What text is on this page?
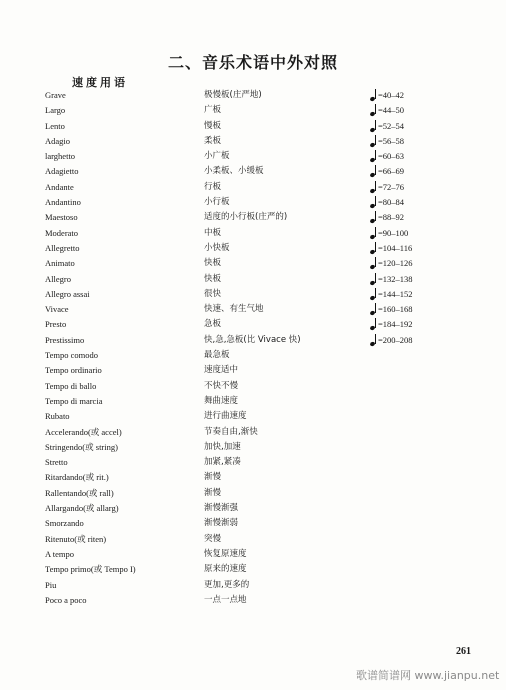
二、音乐术语中外对照
速度用语
Grave	极慢板(庄严地)	=40–42
Largo	广板	=44–50
Lento	慢板	=52–54
Adagio	柔板	=56–58
larghetto	小广板	=60–63
Adagietto	小柔板、小缓板	=66–69
Andante	行板	=72–76
Andantino	小行板	=80–84
Maestoso	适度的小行板(庄严的)	=88–92
Moderato	中板	=90–100
Allegretto	小快板	=104–116
Animato	快板	=120–126
Allegro	快板	=132–138
Allegro assai	很快	=144–152
Vivace	快速、有生气地	=160–168
Presto	急板	=184–192
Prestissimo	快,急,急板(比 Vivace 快)	=200–208
Tempo comodo	最急板
Tempo ordinario	速度适中
Tempo di ballo	不快不慢
Tempo di marcia	舞曲速度
Rubato	进行曲速度
Accelerando(或 accel)	节奏自由,渐快
Stringendo(或 string)	加快,加速
Stretto	加紧,紧凑
Ritardando(或 rit.)	渐慢
Rallentando(或 rall)	渐慢
Allargando(或 allarg)	渐慢渐强
Smorzando	渐慢渐弱
Ritenuto(或 riten)	突慢
A tempo	恢复原速度
Tempo primo(或 Tempo I)	原来的速度
Piu	更加,更多的
Poco a poco	一点一点地
261
歌谱简谱网 www.jianpu.net
